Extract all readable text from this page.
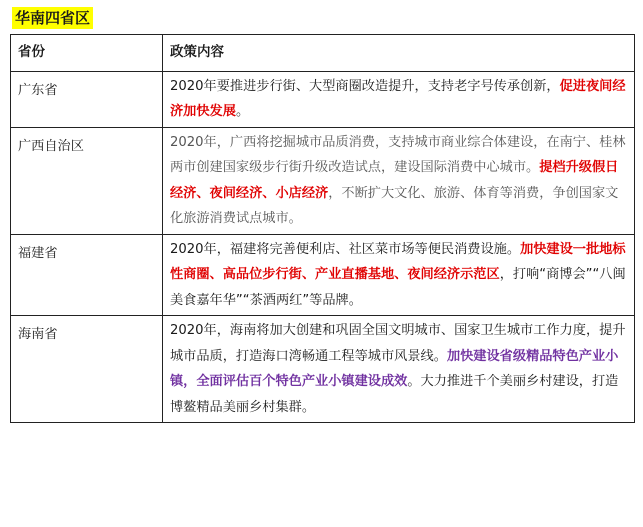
华南四省区
省份	政策内容
广东省	2020年要推进步行街、大型商圈改造提升，支持老字号传承创新，促进夜间经济加快发展。
广西自治区	2020年，广西将挖掘城市品质消费，支持城市商业综合体建设，在南宁、桂林两市创建国家级步行街升级改造试点，建设国际消费中心城市。提档升级假日经济、夜间经济、小店经济，不断扩大文化、旅游、体育等消费，争创国家文化旅游消费试点城市。
福建省	2020年，福建将完善便利店、社区菜市场等便民消费设施。加快建设一批地标性商圈、高品位步行街、产业直播基地、夜间经济示范区，打响“商博会”“八闽美食嘉年华”“茶酒两红”等品牌。
海南省	2020年，海南将加大创建和巩固全国文明城市、国家卫生城市工作力度，提升城市品质，打造海口湾畅通工程等城市风景线。加快建设省级精品特色产业小镇，全面评估百个特色产业小镇建设成效。大力推进千个美丽乡村建设，打造博鳌精品美丽乡村集群。
